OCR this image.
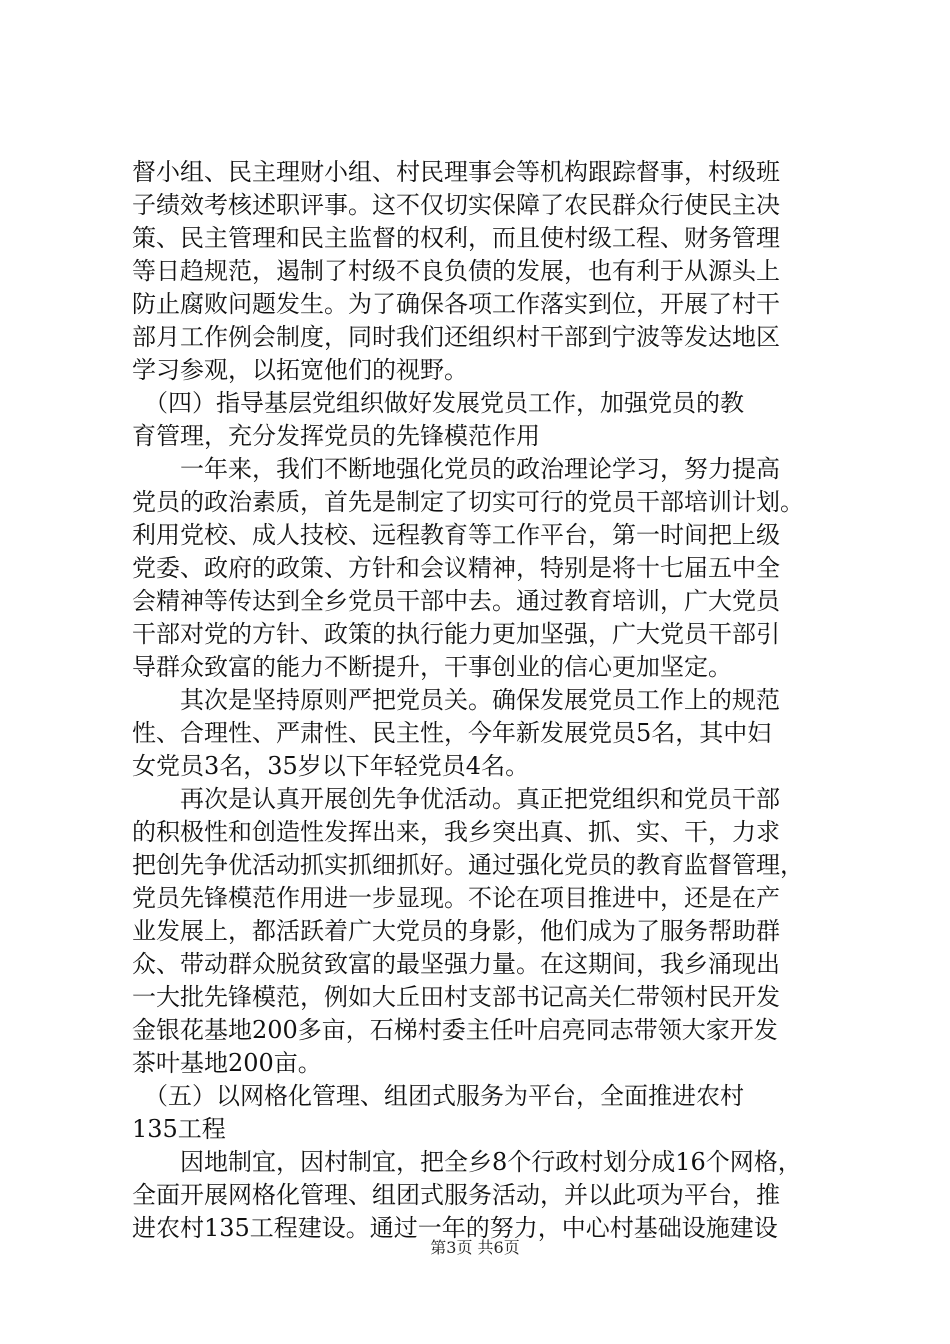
督小组、民主理财小组、村民理事会等机构跟踪督事，村级班
子绩效考核述职评事。这不仅切实保障了农民群众行使民主决
策、民主管理和民主监督的权利，而且使村级工程、财务管理
等日趋规范，遏制了村级不良负债的发展，也有利于从源头上
防止腐败问题发生。为了确保各项工作落实到位，开展了村干
部月工作例会制度，同时我们还组织村干部到宁波等发达地区
学习参观，以拓宽他们的视野。
　（四）指导基层党组织做好发展党员工作，加强党员的教
育管理，充分发挥党员的先锋模范作用
　　一年来，我们不断地强化党员的政治理论学习，努力提高
党员的政治素质，首先是制定了切实可行的党员干部培训计划。
利用党校、成人技校、远程教育等工作平台，第一时间把上级
党委、政府的政策、方针和会议精神，特别是将十七届五中全
会精神等传达到全乡党员干部中去。通过教育培训，广大党员
干部对党的方针、政策的执行能力更加坚强，广大党员干部引
导群众致富的能力不断提升，干事创业的信心更加坚定。
　　其次是坚持原则严把党员关。确保发展党员工作上的规范
性、合理性、严肃性、民主性，今年新发展党员5名，其中妇
女党员3名，35岁以下年轻党员4名。
　　再次是认真开展创先争优活动。真正把党组织和党员干部
的积极性和创造性发挥出来，我乡突出真、抓、实、干，力求
把创先争优活动抓实抓细抓好。通过强化党员的教育监督管理，
党员先锋模范作用进一步显现。不论在项目推进中，还是在产
业发展上，都活跃着广大党员的身影，他们成为了服务帮助群
众、带动群众脱贫致富的最坚强力量。在这期间，我乡涌现出
一大批先锋模范，例如大丘田村支部书记高关仁带领村民开发
金银花基地200多亩，石梯村委主任叶启亮同志带领大家开发
茶叶基地200亩。
　（五）以网格化管理、组团式服务为平台，全面推进农村
135工程
　　因地制宜，因村制宜，把全乡8个行政村划分成16个网格，
全面开展网格化管理、组团式服务活动，并以此项为平台，推
进农村135工程建设。通过一年的努力，中心村基础设施建设
第3页 共6页
